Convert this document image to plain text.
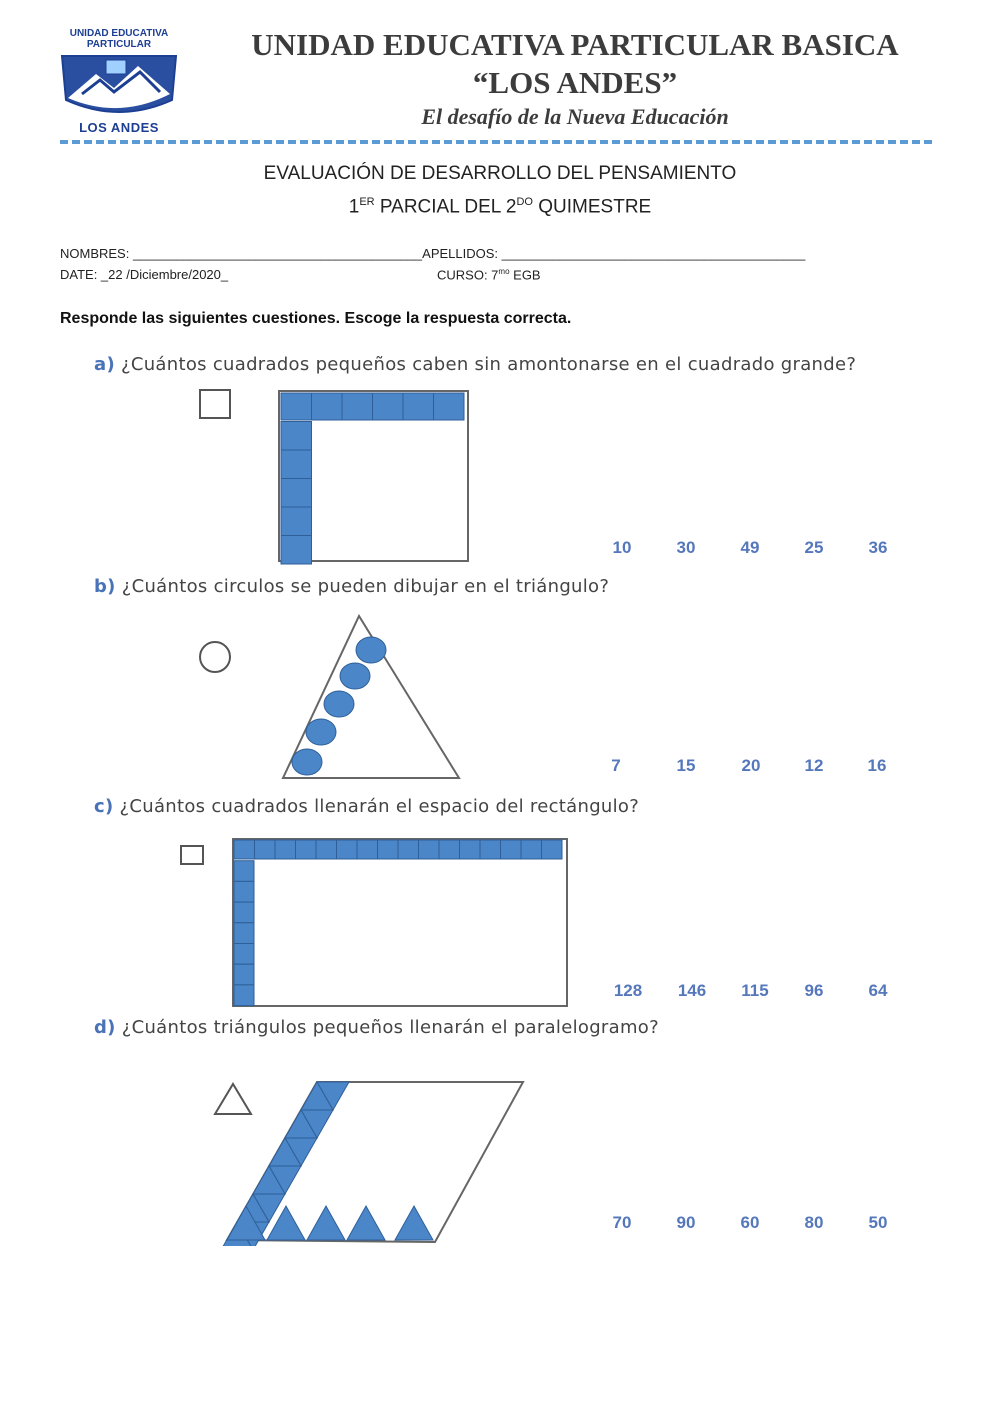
UNIDAD EDUCATIVA
PARTICULAR
LOS ANDES
UNIDAD EDUCATIVA PARTICULAR BASICA
“LOS ANDES”
El desafío de la Nueva Educación
EVALUACIÓN DE DESARROLLO DEL PENSAMIENTO
1ER PARCIAL DEL $2^{DO}$ QUIMESTRE
NOMBRES: ________________________________________APELLIDOS: __________________________________________
DATE: _22 /Diciembre/2020_	CURSO: $7^{mo}$ EGB
Responde las siguientes cuestiones. Escoge la respuesta correcta.
a) ¿Cuántos cuadrados pequeños caben sin amontonarse en el cuadrado grande?
10	30	49	25	36
b) ¿Cuántos circulos se pueden dibujar en el triángulo?
7	15	20	12	16
c) ¿Cuántos cuadrados llenarán el espacio del rectángulo?
128	146	115	96	64
d) ¿Cuántos triángulos pequeños llenarán el paralelogramo?
70	90	60	80	50
